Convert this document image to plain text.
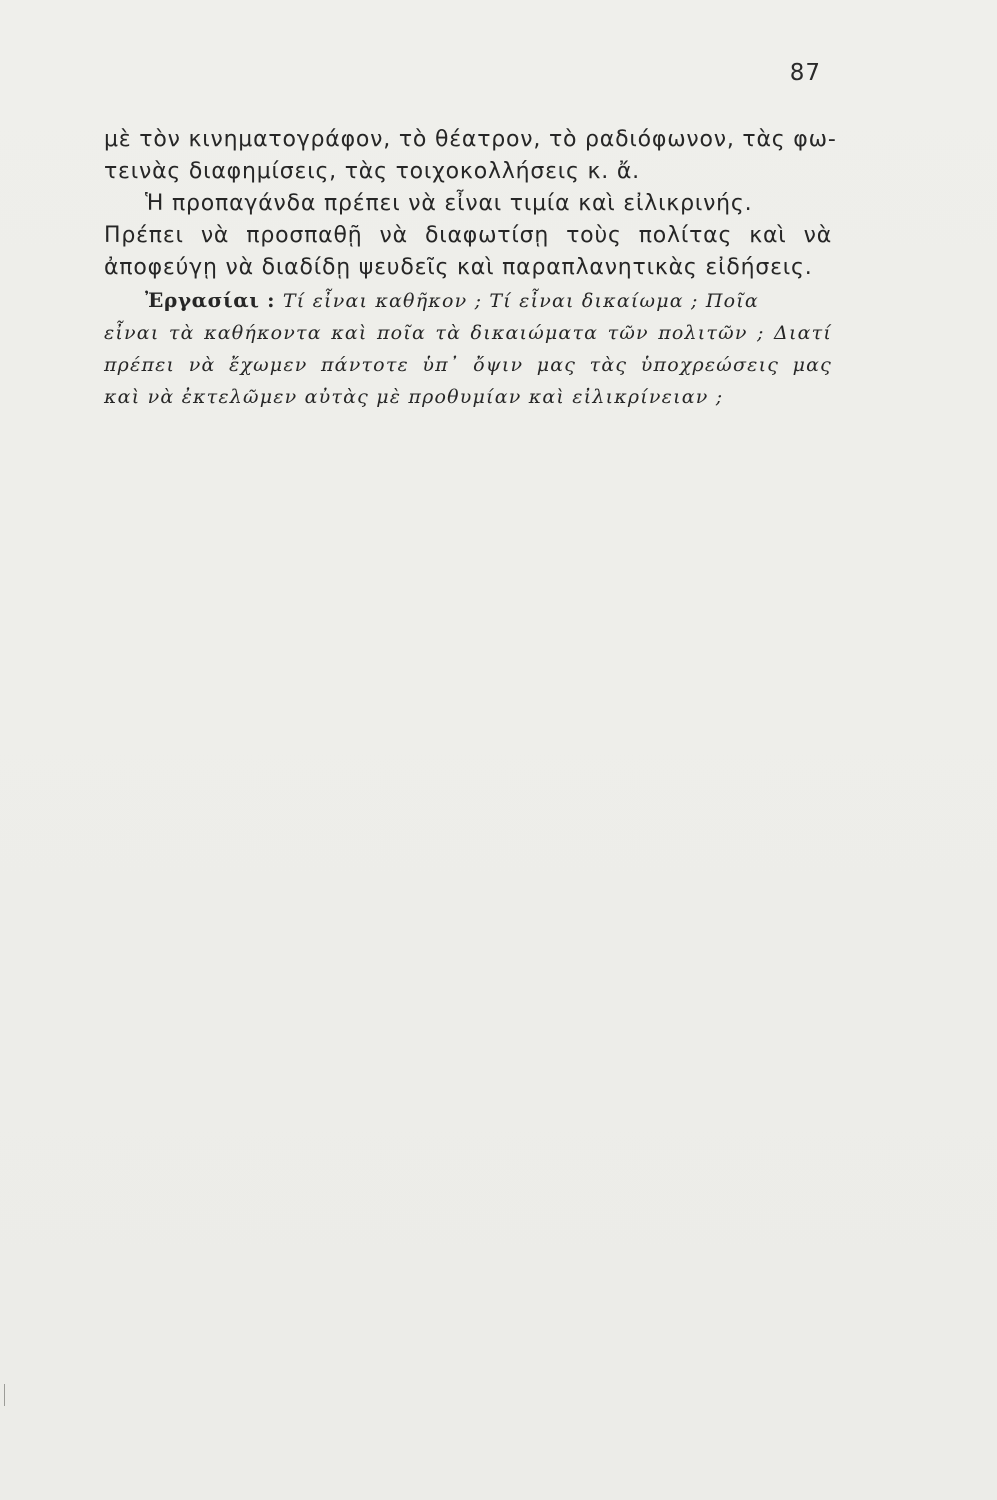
87
μὲ τὸν κινηματογράφον, τὸ θέατρον, τὸ ραδιόφωνον, τὰς φω-
τεινὰς διαφημίσεις, τὰς τοιχοκολλήσεις κ. ἄ.
Ἡ προπαγάνδα πρέπει νὰ εἶναι τιμία καὶ εἰλικρινής.
Πρέπει νὰ προσπαθῇ νὰ διαφωτίσῃ τοὺς πολίτας καὶ νὰ
ἀποφεύγῃ νὰ διαδίδῃ ψευδεῖς καὶ παραπλανητικὰς εἰδήσεις.
Ἐργασίαι : Τί εἶναι καθῆκον ; Τί εἶναι δικαίωμα ; Ποῖα
εἶναι τὰ καθήκοντα καὶ ποῖα τὰ δικαιώματα τῶν πολιτῶν ; Διατί
πρέπει νὰ ἔχωμεν πάντοτε ὑπ᾽ ὄψιν μας τὰς ὑποχρεώσεις μας
καὶ νὰ ἐκτελῶμεν αὐτὰς μὲ προθυμίαν καὶ εἰλικρίνειαν ;
